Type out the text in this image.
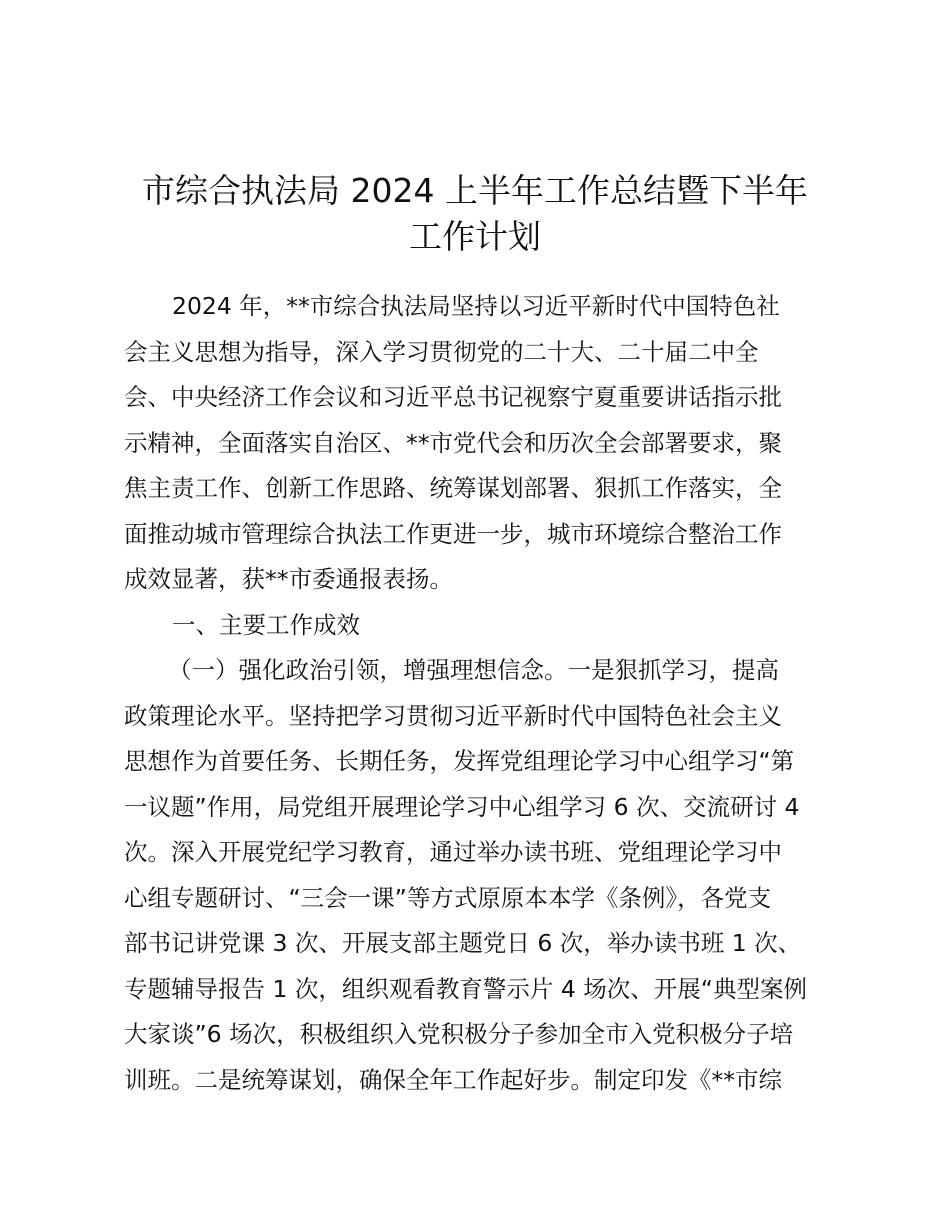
市综合执法局 2024 上半年工作总结暨下半年
工作计划
2024 年，**市综合执法局坚持以习近平新时代中国特色社
会主义思想为指导，深入学习贯彻党的二十大、二十届二中全
会、中央经济工作会议和习近平总书记视察宁夏重要讲话指示批
示精神，全面落实自治区、**市党代会和历次全会部署要求，聚
焦主责工作、创新工作思路、统筹谋划部署、狠抓工作落实，全
面推动城市管理综合执法工作更进一步，城市环境综合整治工作
成效显著，获**市委通报表扬。
一、主要工作成效
（一）强化政治引领，增强理想信念。一是狠抓学习，提高
政策理论水平。坚持把学习贯彻习近平新时代中国特色社会主义
思想作为首要任务、长期任务，发挥党组理论学习中心组学习“第
一议题”作用，局党组开展理论学习中心组学习 6 次、交流研讨 4
次。深入开展党纪学习教育，通过举办读书班、党组理论学习中
心组专题研讨、“三会一课”等方式原原本本学《条例》，各党支
部书记讲党课 3 次、开展支部主题党日 6 次，举办读书班 1 次、
专题辅导报告 1 次，组织观看教育警示片 4 场次、开展“典型案例
大家谈”6 场次，积极组织入党积极分子参加全市入党积极分子培
训班。二是统筹谋划，确保全年工作起好步。制定印发《**市综
